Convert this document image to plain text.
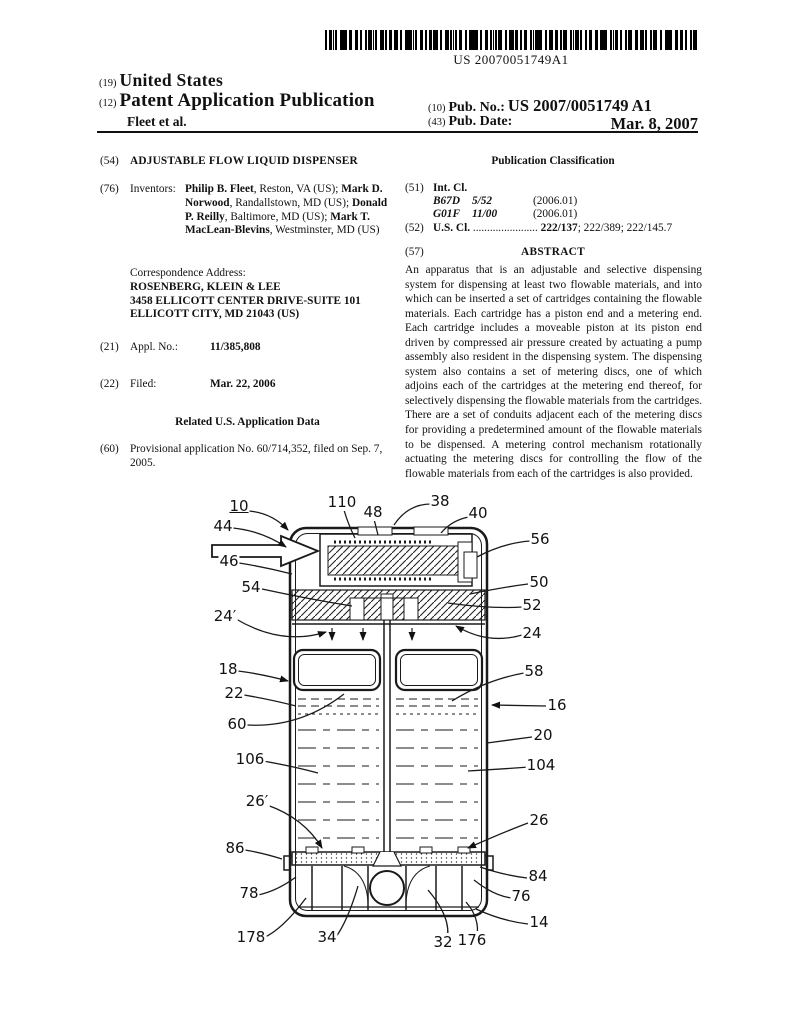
US 20070051749A1
(19) United States
(12) Patent Application Publication
Fleet et al.
(10) Pub. No.: US 2007/0051749 A1
(43) Pub. Date:	Mar. 8, 2007
(54) ADJUSTABLE FLOW LIQUID DISPENSER
(76) Inventors: Philip B. Fleet, Reston, VA (US); Mark D. Norwood, Randallstown, MD (US); Donald P. Reilly, Baltimore, MD (US); Mark T. MacLean-Blevins, Westminster, MD (US)
Correspondence Address:
ROSENBERG, KLEIN & LEE
3458 ELLICOTT CENTER DRIVE-SUITE 101
ELLICOTT CITY, MD 21043 (US)
(21) Appl. No.:	11/385,808
(22) Filed:	Mar. 22, 2006
Related U.S. Application Data
(60) Provisional application No. 60/714,352, filed on Sep. 7, 2005.
Publication Classification
(51) Int. Cl.
B67D 5/52	(2006.01)
G01F 11/00	(2006.01)
(52) U.S. Cl. ....................... 222/137; 222/389; 222/145.7
(57)	ABSTRACT
An apparatus that is an adjustable and selective dispensing system for dispensing at least two flowable materials, and into which can be inserted a set of cartridges containing the flowable materials. Each cartridge has a piston end and a metering end. Each cartridge includes a moveable piston at its piston end driven by compressed air pressure created by actuating a pump assembly also resident in the dispensing system. The dispensing system also contains a set of metering discs, one of which adjoins each of the cartridges at the metering end thereof, for selectively dispensing the flowable materials from the cartridges. There are a set of conduits adjacent each of the metering discs for providing a predetermined amount of the flowable materials to be dispensed. A metering control mechanism rotationally actuating the metering discs for controlling the flow of the flowable materials from each of the cartridges is also provided.
10	110
48
38
40
44
56
46
54	50
52
24′
24
18	58
22
16
60
20
106	104
26′
26
86
84
78	76
14
178	34	32 176
